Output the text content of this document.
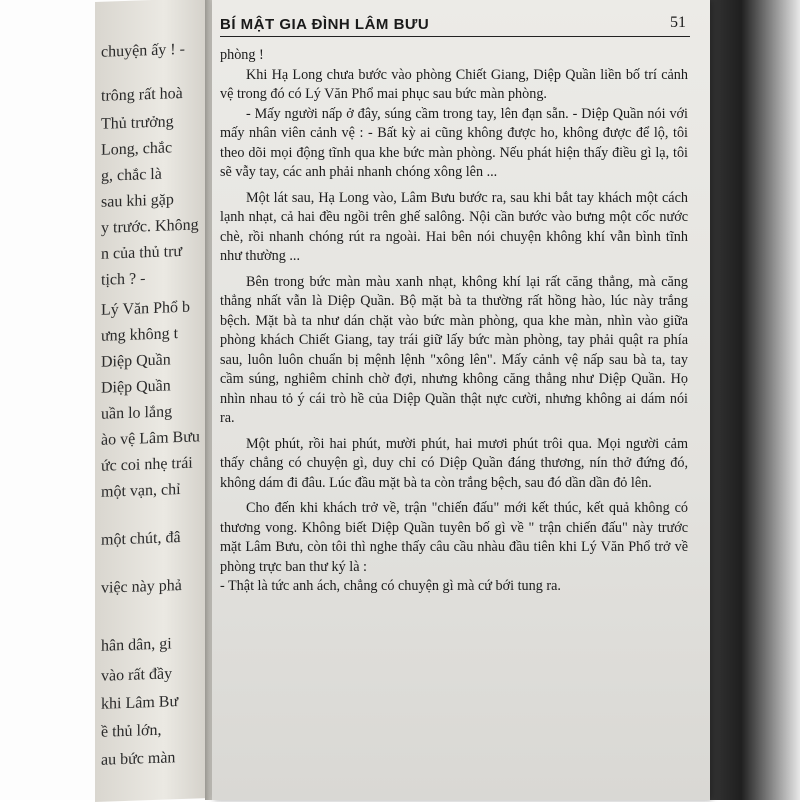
chuyện ấy ! -
trông rất hoà
Thủ trưởng
Long, chắc
g, chắc là
sau khi gặp
y trước. Không
n của thủ trư
tịch ? -
Lý Văn Phổ b
ưng không t
Diệp Quần
Diệp Quần
uần lo lắng
ào vệ Lâm Bưu
ức coi nhẹ trái
một vạn, chỉ
một chút, đâ
việc này phả
hân dân, gi
vào rất đầy
khi Lâm Bư
ề thủ lớn,
au bức màn
BÍ MẬT GIA ĐÌNH LÂM BƯU	51

phòng !

Khi Hạ Long chưa bước vào phòng Chiết Giang, Diệp Quần liền bố trí cảnh vệ trong đó có Lý Văn Phổ mai phục sau bức màn phòng.

- Mấy người nấp ở đây, súng cầm trong tay, lên đạn sẵn. - Diệp Quần nói với mấy nhân viên cảnh vệ : - Bất kỳ ai cũng không được ho, không được để lộ, tôi theo dõi mọi động tĩnh qua khe bức màn phòng. Nếu phát hiện thấy điều gì lạ, tôi sẽ vẫy tay, các anh phải nhanh chóng xông lên ...

Một lát sau, Hạ Long vào, Lâm Bưu bước ra, sau khi bắt tay khách một cách lạnh nhạt, cả hai đều ngồi trên ghế salông. Nội cần bước vào bưng một cốc nước chè, rồi nhanh chóng rút ra ngoài. Hai bên nói chuyện không khí vẫn bình tĩnh như thường ...

Bên trong bức màn màu xanh nhạt, không khí lại rất căng thẳng, mà căng thẳng nhất vẫn là Diệp Quần. Bộ mặt bà ta thường rất hồng hào, lúc này trắng bệch. Mặt bà ta như dán chặt vào bức màn phòng, qua khe màn, nhìn vào giữa phòng khách Chiết Giang, tay trái giữ lấy bức màn phòng, tay phải quật ra phía sau, luôn luôn chuẩn bị mệnh lệnh "xông lên". Mấy cảnh vệ nấp sau bà ta, tay cầm súng, nghiêm chỉnh chờ đợi, nhưng không căng thẳng như Diệp Quần. Họ nhìn nhau tỏ ý cái trò hề của Diệp Quần thật nực cười, nhưng không ai dám nói ra.

Một phút, rồi hai phút, mười phút, hai mươi phút trôi qua. Mọi người cảm thấy chẳng có chuyện gì, duy chỉ có Diệp Quần đáng thương, nín thở đứng đó, không dám đi đâu. Lúc đầu mặt bà ta còn trắng bệch, sau đó dần dần đỏ lên.

Cho đến khi khách trở về, trận "chiến đấu" mới kết thúc, kết quả không có thương vong. Không biết Diệp Quần tuyên bố gì về " trận chiến đấu" này trước mặt Lâm Bưu, còn tôi thì nghe thấy câu cầu nhàu đầu tiên khi Lý Văn Phổ trở về phòng trực ban thư ký là :

- Thật là tức anh ách, chẳng có chuyện gì mà cứ bới tung ra.
